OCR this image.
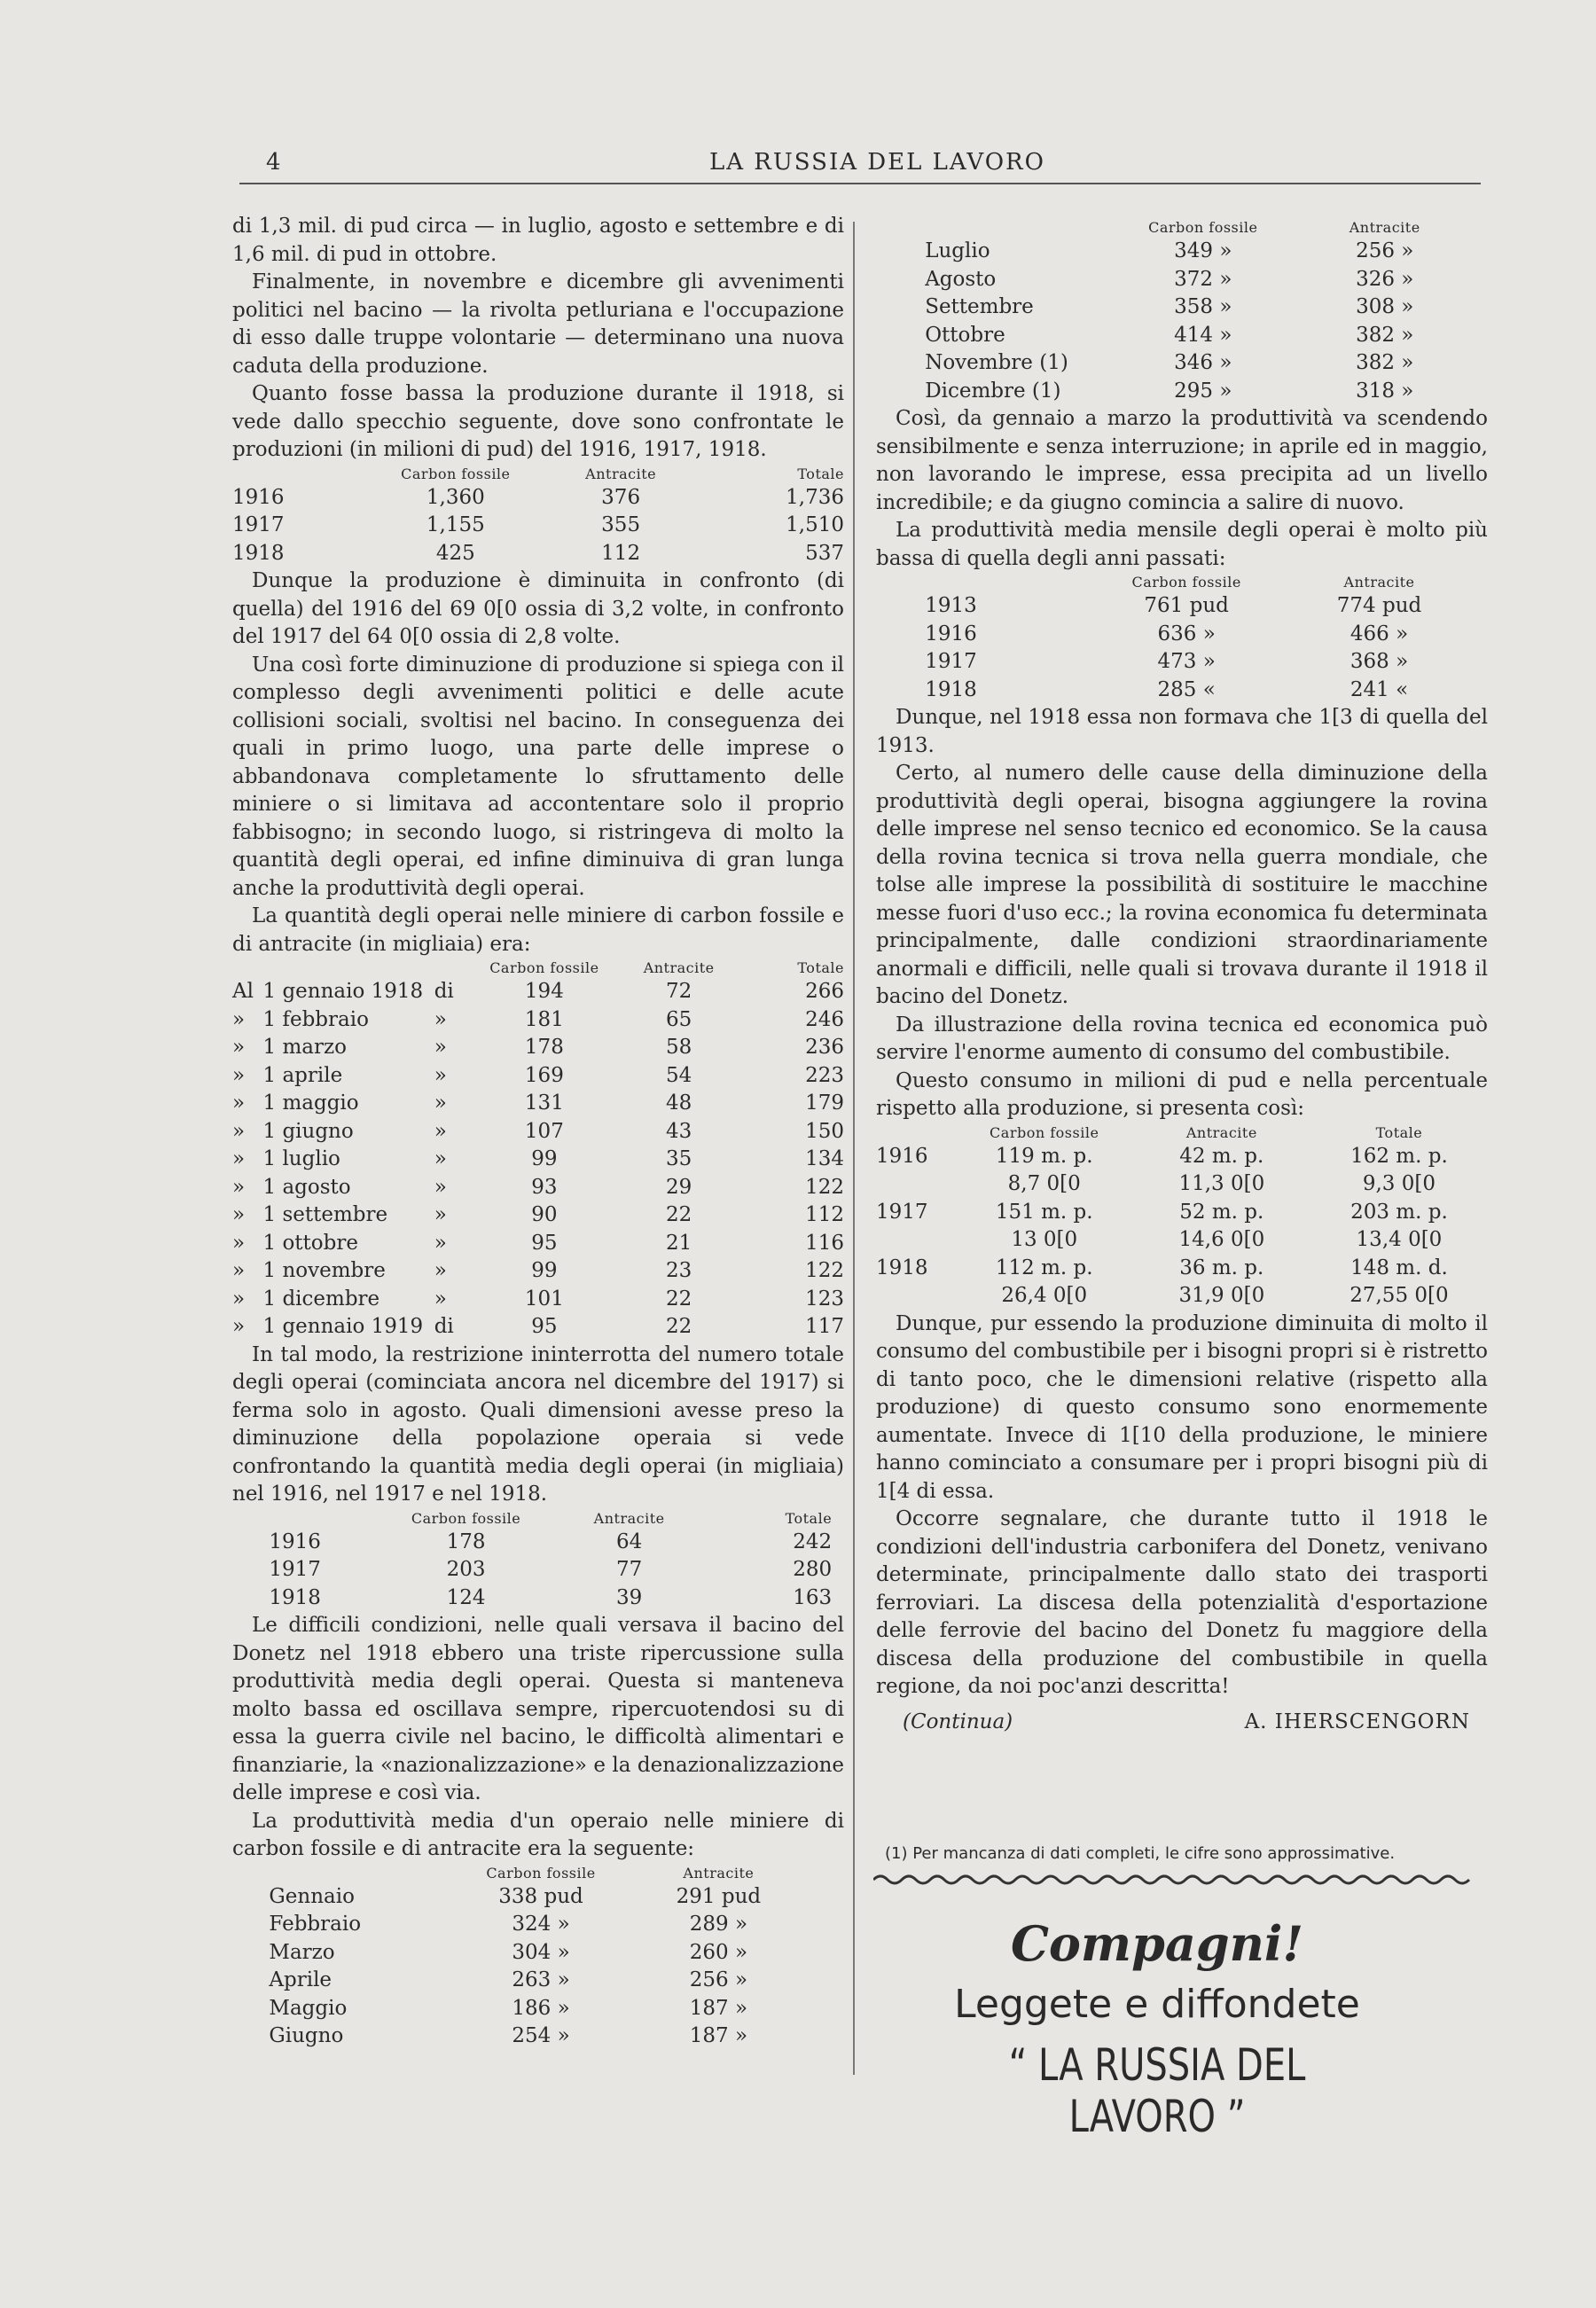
4	LA RUSSIA DEL LAVORO

di 1,3 mil. di pud circa — in luglio, agosto e settembre e di 1,6 mil. di pud in ottobre.

Finalmente, in novembre e dicembre gli avvenimenti politici nel bacino — la rivolta petluriana e l'occupazione di esso dalle truppe volontarie — determinano una nuova caduta della produzione.

Quanto fosse bassa la produzione durante il 1918, si vede dallo specchio seguente, dove sono confrontate le produzioni (in milioni di pud) del 1916, 1917, 1918.

	Carbon fossile	Antracite	Totale
1916	1,360	376	1,736
1917	1,155	355	1,510
1918	425	112	537

Dunque la produzione è diminuita in confronto (di quella) del 1916 del 69 0[0 ossia di 3,2 volte, in confronto del 1917 del 64 0[0 ossia di 2,8 volte.

Una così forte diminuzione di produzione si spiega con il complesso degli avvenimenti politici e delle acute collisioni sociali, svoltisi nel bacino. In conseguenza dei quali in primo luogo, una parte delle imprese o abbandonava completamente lo sfruttamento delle miniere o si limitava ad accontentare solo il proprio fabbisogno; in secondo luogo, si ristringeva di molto la quantità degli operai, ed infine diminuiva di gran lunga anche la produttività degli operai.

La quantità degli operai nelle miniere di carbon fossile e di antracite (in migliaia) era:

			Carbon fossile	Antracite	Totale
Al	1 gennaio 1918	di	194	72	266
»	1 febbraio	»	181	65	246
»	1 marzo	»	178	58	236
»	1 aprile	»	169	54	223
»	1 maggio	»	131	48	179
»	1 giugno	»	107	43	150
»	1 luglio	»	99	35	134
»	1 agosto	»	93	29	122
»	1 settembre	»	90	22	112
»	1 ottobre	»	95	21	116
»	1 novembre	»	99	23	122
»	1 dicembre	»	101	22	123
»	1 gennaio 1919	di	95	22	117

In tal modo, la restrizione ininterrotta del numero totale degli operai (cominciata ancora nel dicembre del 1917) si ferma solo in agosto. Quali dimensioni avesse preso la diminuzione della popolazione operaia si vede confrontando la quantità media degli operai (in migliaia) nel 1916, nel 1917 e nel 1918.

	Carbon fossile	Antracite	Totale
1916	178	64	242
1917	203	77	280
1918	124	39	163

Le difficili condizioni, nelle quali versava il bacino del Donetz nel 1918 ebbero una triste ripercussione sulla produttività media degli operai. Questa si manteneva molto bassa ed oscillava sempre, ripercuotendosi su di essa la guerra civile nel bacino, le difficoltà alimentari e finanziarie, la «nazionalizzazione» e la denazionalizzazione delle imprese e così via.

La produttività media d'un operaio nelle miniere di carbon fossile e di antracite era la seguente:

	Carbon fossile	Antracite
Gennaio	338 pud	291 pud
Febbraio	324 »	289 »
Marzo	304 »	260 »
Aprile	263 »	256 »
Maggio	186 »	187 »
Giugno	254 »	187 »
	Carbon fossile	Antracite
Luglio	349 »	256 »
Agosto	372 »	326 »
Settembre	358 »	308 »
Ottobre	414 »	382 »
Novembre (1)	346 »	382 »
Dicembre (1)	295 »	318 »

Così, da gennaio a marzo la produttività va scendendo sensibilmente e senza interruzione; in aprile ed in maggio, non lavorando le imprese, essa precipita ad un livello incredibile; e da giugno comincia a salire di nuovo.

La produttività media mensile degli operai è molto più bassa di quella degli anni passati:

	Carbon fossile	Antracite
1913	761 pud	774 pud
1916	636 »	466 »
1917	473 »	368 »
1918	285 «	241 «

Dunque, nel 1918 essa non formava che 1[3 di quella del 1913.

Certo, al numero delle cause della diminuzione della produttività degli operai, bisogna aggiungere la rovina delle imprese nel senso tecnico ed economico. Se la causa della rovina tecnica si trova nella guerra mondiale, che tolse alle imprese la possibilità di sostituire le macchine messe fuori d'uso ecc.; la rovina economica fu determinata principalmente, dalle condizioni straordinariamente anormali e difficili, nelle quali si trovava durante il 1918 il bacino del Donetz.

Da illustrazione della rovina tecnica ed economica può servire l'enorme aumento di consumo del combustibile.

Questo consumo in milioni di pud e nella percentuale rispetto alla produzione, si presenta così:

	Carbon fossile	Antracite	Totale
1916	119 m. p.	42 m. p.	162 m. p.
	8,7 0[0	11,3 0[0	9,3 0[0
1917	151 m. p.	52 m. p.	203 m. p.
	13 0[0	14,6 0[0	13,4 0[0
1918	112 m. p.	36 m. p.	148 m. d.
	26,4 0[0	31,9 0[0	27,55 0[0

Dunque, pur essendo la produzione diminuita di molto il consumo del combustibile per i bisogni propri si è ristretto di tanto poco, che le dimensioni relative (rispetto alla produzione) di questo consumo sono enormemente aumentate. Invece di 1[10 della produzione, le miniere hanno cominciato a consumare per i propri bisogni più di 1[4 di essa.

Occorre segnalare, che durante tutto il 1918 le condizioni dell'industria carbonifera del Donetz, venivano determinate, principalmente dallo stato dei trasporti ferroviari. La discesa della potenzialità d'esportazione delle ferrovie del bacino del Donetz fu maggiore della discesa della produzione del combustibile in quella regione, da noi poc'anzi descritta!

(Continua)	A. IHERSCENGORN
(1) Per mancanza di dati completi, le cifre sono approssimative.
Compagni!
Leggete e diffondete
“ LA RUSSIA DEL LAVORO ”
